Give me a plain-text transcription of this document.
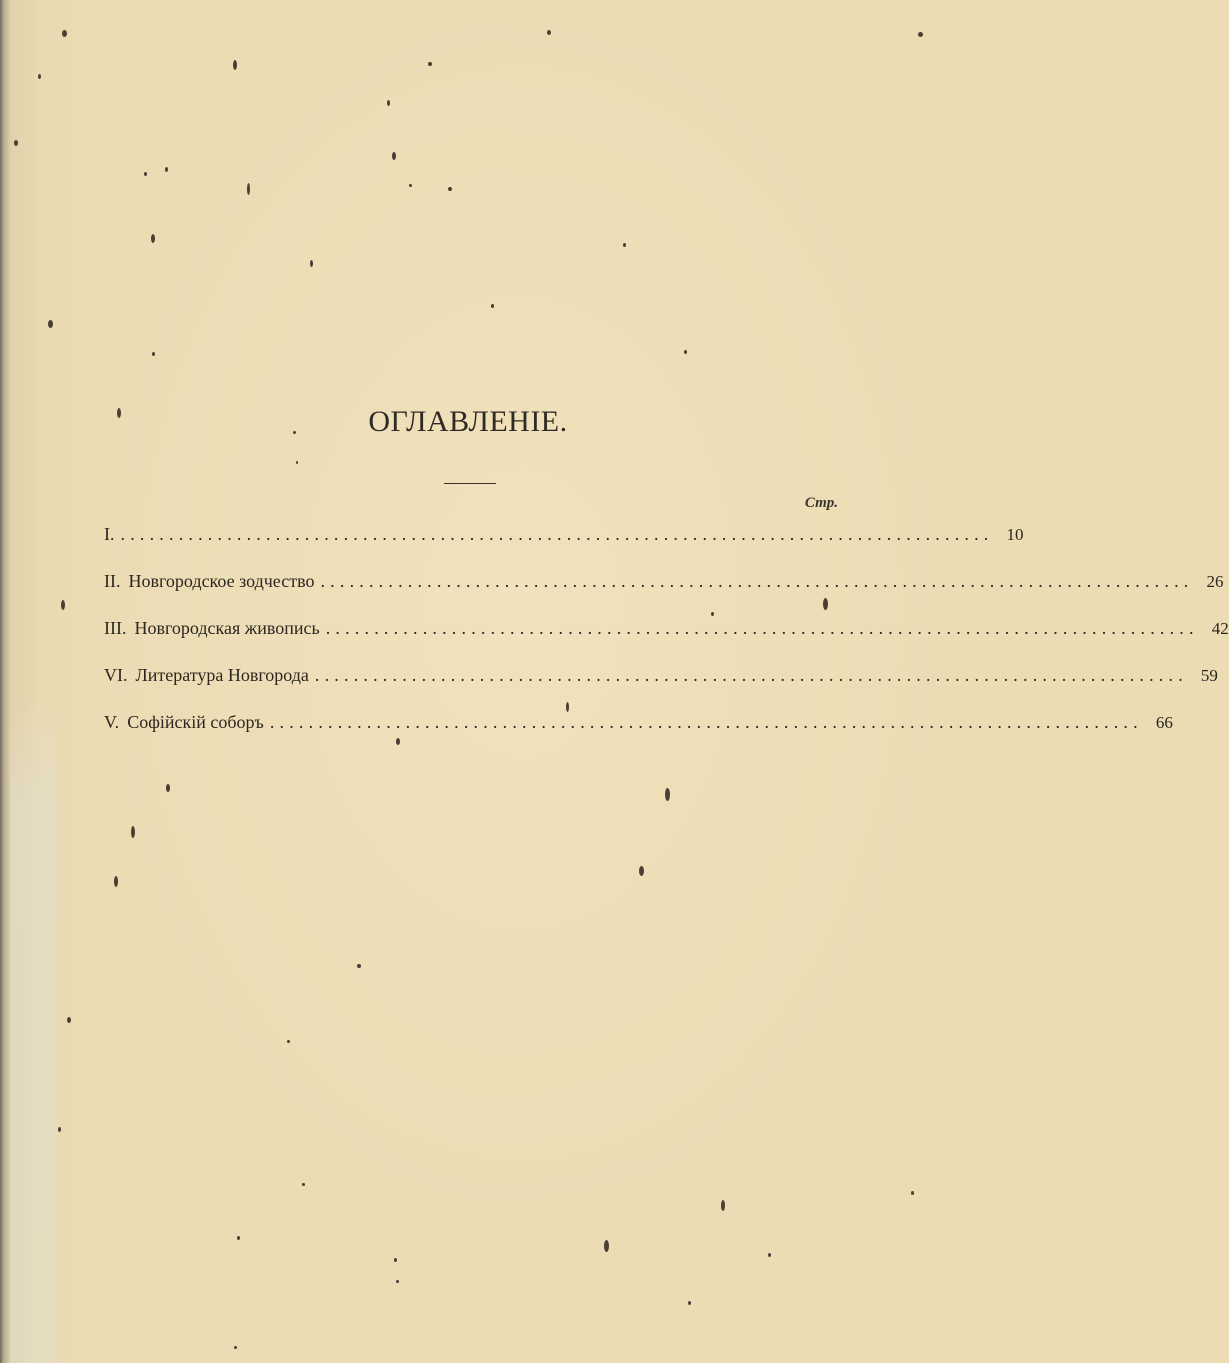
ОГЛАВЛЕНIЕ.
Стр.
I. .......................................................................................... 10
II. Новгородское зодчество .......................................................................................... 26
III. Новгородская живопись .......................................................................................... 42
VI. Литература Новгорода .......................................................................................... 59
V. Софiйскiй соборъ .......................................................................................... 66
